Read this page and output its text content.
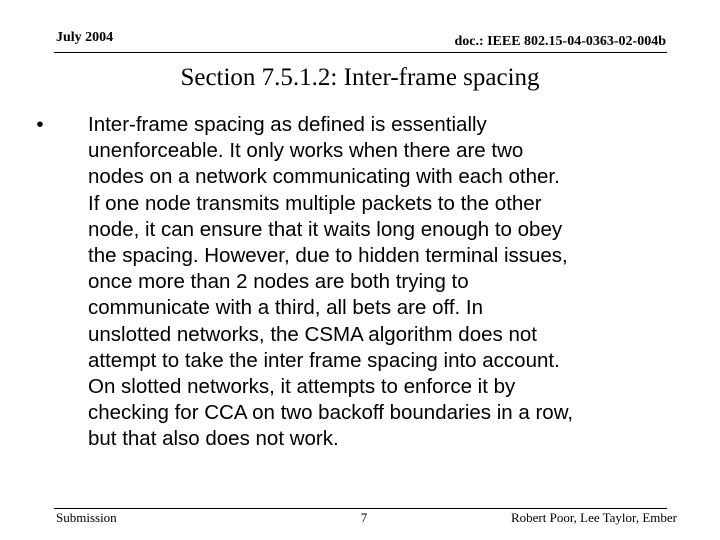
July 2004	doc.: IEEE 802.15-04-0363-02-004b
Section 7.5.1.2: Inter-frame spacing
•	Inter-frame spacing as defined is essentially
unenforceable. It only works when there are two
nodes on a network communicating with each other.
If one node transmits multiple packets to the other
node, it can ensure that it waits long enough to obey
the spacing. However, due to hidden terminal issues,
once more than 2 nodes are both trying to
communicate with a third, all bets are off. In
unslotted networks, the CSMA algorithm does not
attempt to take the inter frame spacing into account.
On slotted networks, it attempts to enforce it by
checking for CCA on two backoff boundaries in a row,
but that also does not work.
Submission	7	Robert Poor, Lee Taylor, Ember
